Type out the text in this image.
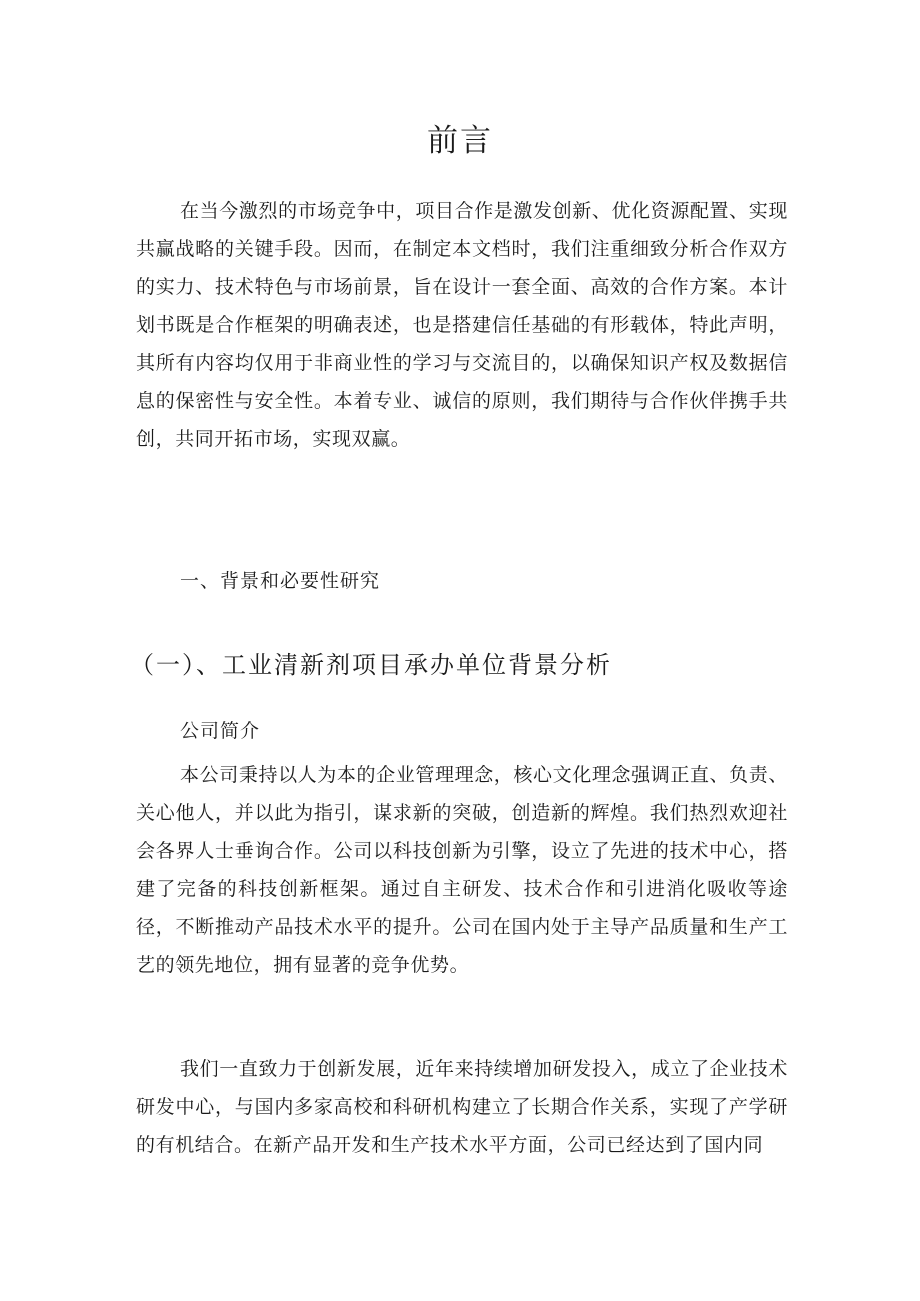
前言

在当今激烈的市场竞争中，项目合作是激发创新、优化资源配置、实现共赢战略的关键手段。因而，在制定本文档时，我们注重细致分析合作双方的实力、技术特色与市场前景，旨在设计一套全面、高效的合作方案。本计划书既是合作框架的明确表述，也是搭建信任基础的有形载体，特此声明，其所有内容均仅用于非商业性的学习与交流目的，以确保知识产权及数据信息的保密性与安全性。本着专业、诚信的原则，我们期待与合作伙伴携手共创，共同开拓市场，实现双赢。

一、背景和必要性研究
（一）、工业清新剂项目承办单位背景分析

公司简介

本公司秉持以人为本的企业管理理念，核心文化理念强调正直、负责、关心他人，并以此为指引，谋求新的突破，创造新的辉煌。我们热烈欢迎社会各界人士垂询合作。公司以科技创新为引擎，设立了先进的技术中心，搭建了完备的科技创新框架。通过自主研发、技术合作和引进消化吸收等途径，不断推动产品技术水平的提升。公司在国内处于主导产品质量和生产工艺的领先地位，拥有显著的竞争优势。

我们一直致力于创新发展，近年来持续增加研发投入，成立了企业技术研发中心，与国内多家高校和科研机构建立了长期合作关系，实现了产学研的有机结合。在新产品开发和生产技术水平方面，公司已经达到了国内同
